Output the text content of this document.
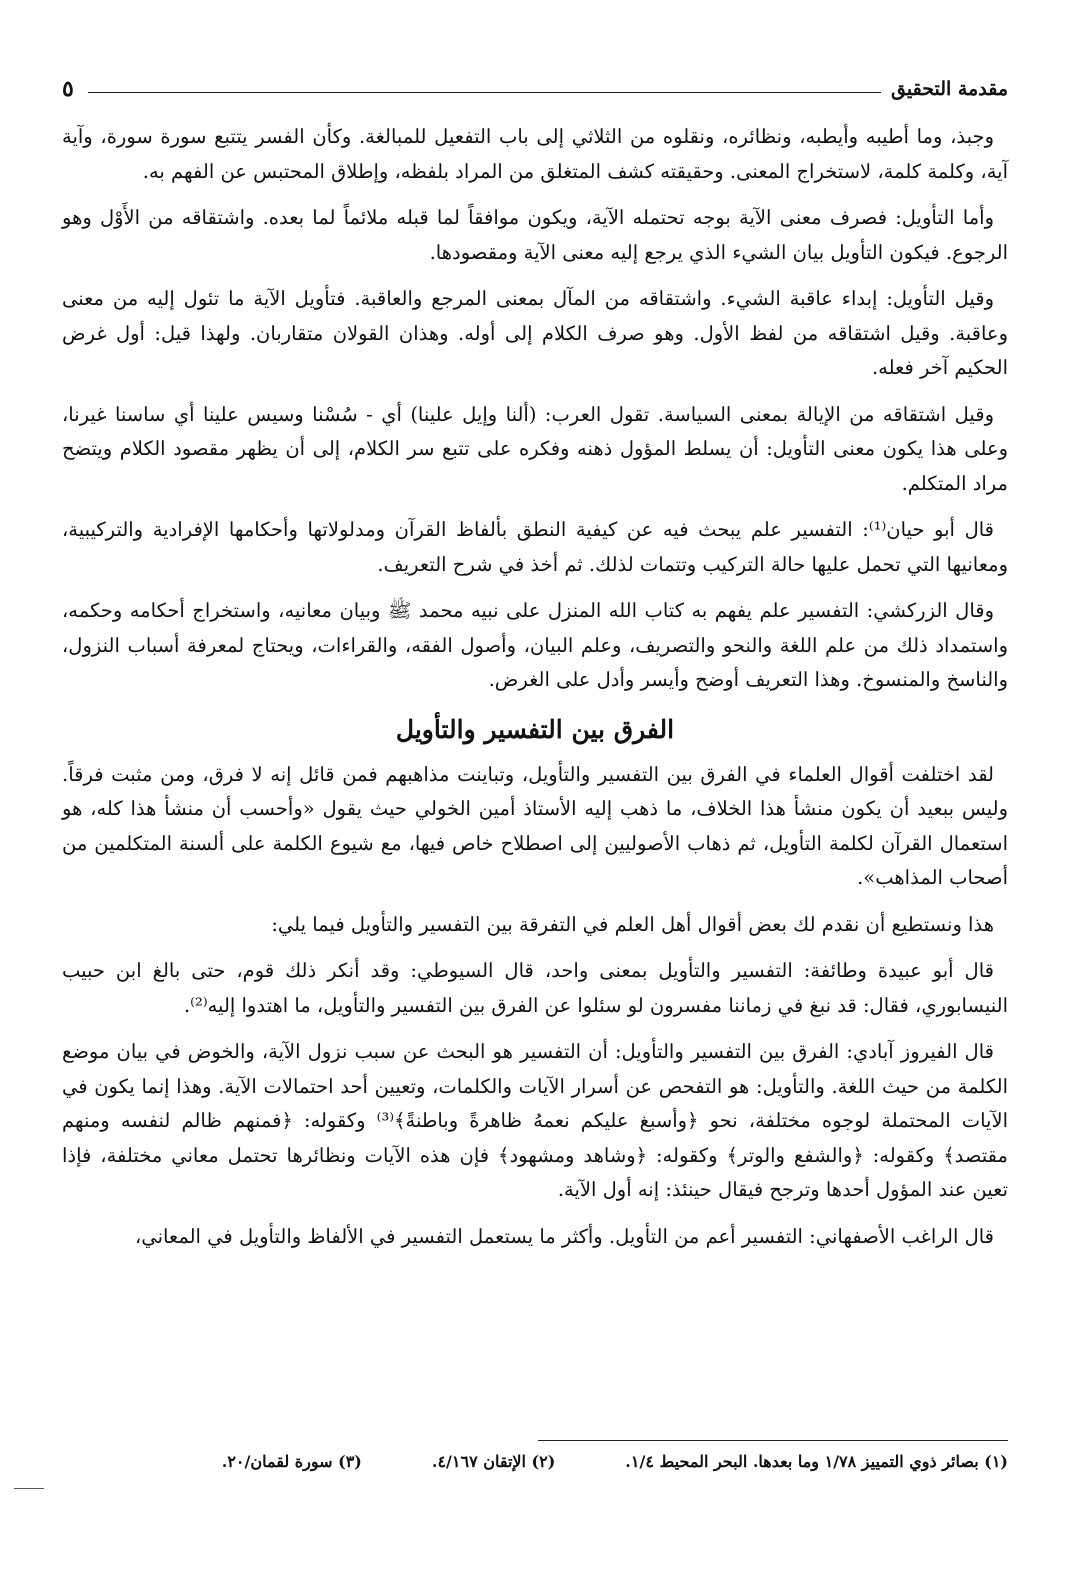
مقدمة التحقيق
٥

وجبذ، وما أطيبه وأيطبه، ونظائره، ونقلوه من الثلاثي إلى باب التفعيل للمبالغة. وكأن الفسر يتتبع سورة سورة، وآية آية، وكلمة كلمة، لاستخراج المعنى. وحقيقته كشف المتغلق من المراد بلفظه، وإطلاق المحتبس عن الفهم به.

وأما التأويل: فصرف معنى الآية بوجه تحتمله الآية، ويكون موافقاً لما قبله ملائماً لما بعده. واشتقاقه من الأَوْل وهو الرجوع. فيكون التأويل بيان الشيء الذي يرجع إليه معنى الآية ومقصودها.

وقيل التأويل: إبداء عاقبة الشيء. واشتقاقه من المآل بمعنى المرجع والعاقبة. فتأويل الآية ما تئول إليه من معنى وعاقبة. وقيل اشتقاقه من لفظ الأول. وهو صرف الكلام إلى أوله. وهذان القولان متقاربان. ولهذا قيل: أول غرض الحكيم آخر فعله.

وقيل اشتقاقه من الإيالة بمعنى السياسة. تقول العرب: (ألنا وإيل علينا) أي - سُسْنا وسيس علينا أي ساسنا غيرنا، وعلى هذا يكون معنى التأويل: أن يسلط المؤول ذهنه وفكره على تتبع سر الكلام، إلى أن يظهر مقصود الكلام ويتضح مراد المتكلم.

قال أبو حيان⁽¹⁾: التفسير علم يبحث فيه عن كيفية النطق بألفاظ القرآن ومدلولاتها وأحكامها الإفرادية والتركيبية، ومعانيها التي تحمل عليها حالة التركيب وتتمات لذلك. ثم أخذ في شرح التعريف.

وقال الزركشي: التفسير علم يفهم به كتاب الله المنزل على نبيه محمد ﷺ وبيان معانيه، واستخراج أحكامه وحكمه، واستمداد ذلك من علم اللغة والنحو والتصريف، وعلم البيان، وأصول الفقه، والقراءات، ويحتاج لمعرفة أسباب النزول، والناسخ والمنسوخ. وهذا التعريف أوضح وأيسر وأدل على الغرض.

الفرق بين التفسير والتأويل

لقد اختلفت أقوال العلماء في الفرق بين التفسير والتأويل، وتباينت مذاهبهم فمن قائل إنه لا فرق، ومن مثبت فرقاً. وليس ببعيد أن يكون منشأ هذا الخلاف، ما ذهب إليه الأستاذ أمين الخولي حيث يقول «وأحسب أن منشأ هذا كله، هو استعمال القرآن لكلمة التأويل، ثم ذهاب الأصوليين إلى اصطلاح خاص فيها، مع شيوع الكلمة على ألسنة المتكلمين من أصحاب المذاهب».

هذا ونستطيع أن نقدم لك بعض أقوال أهل العلم في التفرقة بين التفسير والتأويل فيما يلي:

قال أبو عبيدة وطائفة: التفسير والتأويل بمعنى واحد، قال السيوطي: وقد أنكر ذلك قوم، حتى بالغ ابن حبيب النيسابوري، فقال: قد نبغ في زماننا مفسرون لو سئلوا عن الفرق بين التفسير والتأويل، ما اهتدوا إليه⁽²⁾.

قال الفيروز آبادي: الفرق بين التفسير والتأويل: أن التفسير هو البحث عن سبب نزول الآية، والخوض في بيان موضع الكلمة من حيث اللغة. والتأويل: هو التفحص عن أسرار الآيات والكلمات، وتعيين أحد احتمالات الآية. وهذا إنما يكون في الآيات المحتملة لوجوه مختلفة، نحو ﴿وأسبغ عليكم نعمهُ ظاهرةً وباطنةً﴾⁽³⁾ وكقوله: ﴿فمنهم ظالم لنفسه ومنهم مقتصد﴾ وكقوله: ﴿والشفع والوتر﴾ وكقوله: ﴿وشاهد ومشهود﴾ فإن هذه الآيات ونظائرها تحتمل معاني مختلفة، فإذا تعين عند المؤول أحدها وترجح فيقال حينئذ: إنه أول الآية.

قال الراغب الأصفهاني: التفسير أعم من التأويل. وأكثر ما يستعمل التفسير في الألفاظ والتأويل في المعاني،

(١) بصائر ذوي التمييز ١/٧٨ وما بعدها. البحر المحيط ١/٤.
(٢) الإتقان ٤/١٦٧.
(٣) سورة لقمان/٢٠.
